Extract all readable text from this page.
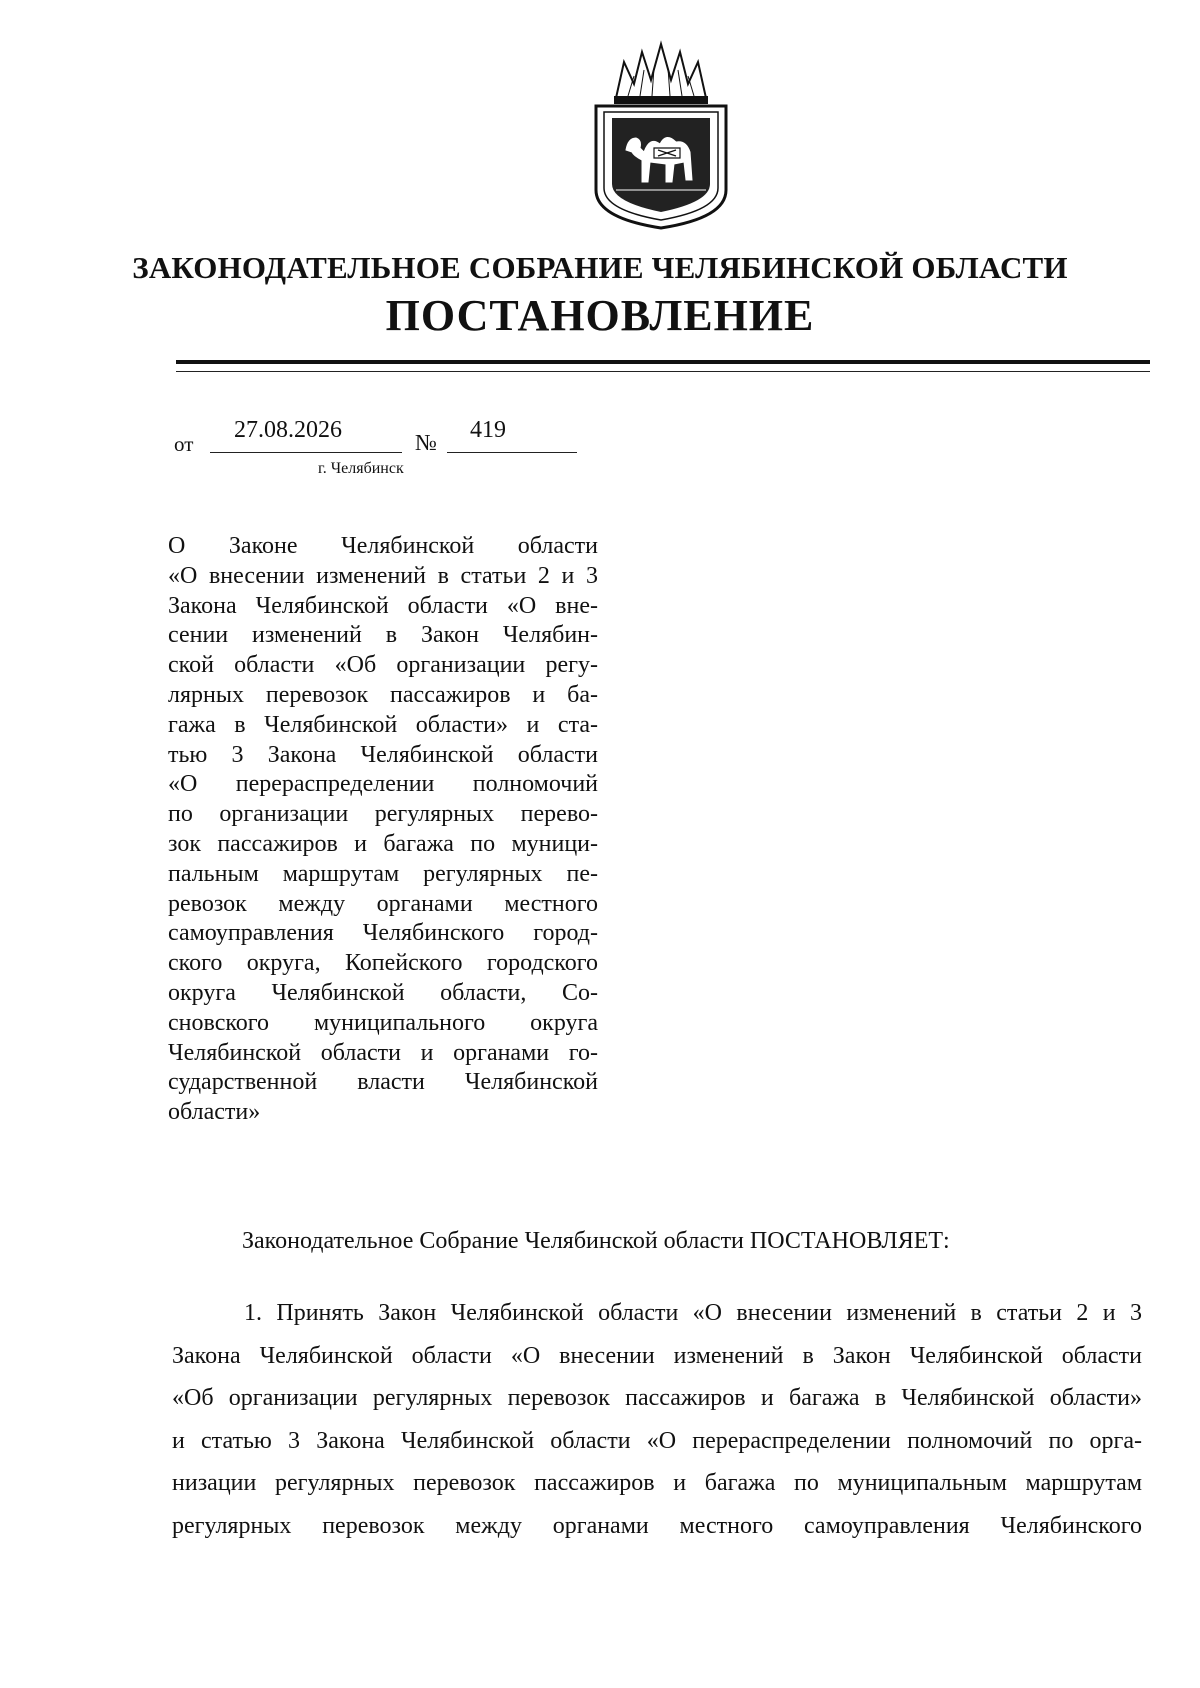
ЗАКОНОДАТЕЛЬНОЕ СОБРАНИЕ ЧЕЛЯБИНСКОЙ ОБЛАСТИ
ПОСТАНОВЛЕНИЕ
от
27.08.2026	№ 419
г. Челябинск
О Законе Челябинской области
«О внесении изменений в статьи 2 и 3
Закона Челябинской области «О вне-
сении изменений в Закон Челябин-
ской области «Об организации регу-
лярных перевозок пассажиров и ба-
гажа в Челябинской области» и ста-
тью 3 Закона Челябинской области
«О перераспределении полномочий
по организации регулярных перево-
зок пассажиров и багажа по муници-
пальным маршрутам регулярных пе-
ревозок между органами местного
самоуправления Челябинского город-
ского округа, Копейского городского
округа Челябинской области, Со-
сновского муниципального округа
Челябинской области и органами го-
сударственной власти Челябинской
области»
Законодательное Собрание Челябинской области ПОСТАНОВЛЯЕТ:
1. Принять Закон Челябинской области «О внесении изменений в статьи 2 и 3
Закона Челябинской области «О внесении изменений в Закон Челябинской области
«Об организации регулярных перевозок пассажиров и багажа в Челябинской области»
и статью 3 Закона Челябинской области «О перераспределении полномочий по орга-
низации регулярных перевозок пассажиров и багажа по муниципальным маршрутам
регулярных перевозок между органами местного самоуправления Челябинского
